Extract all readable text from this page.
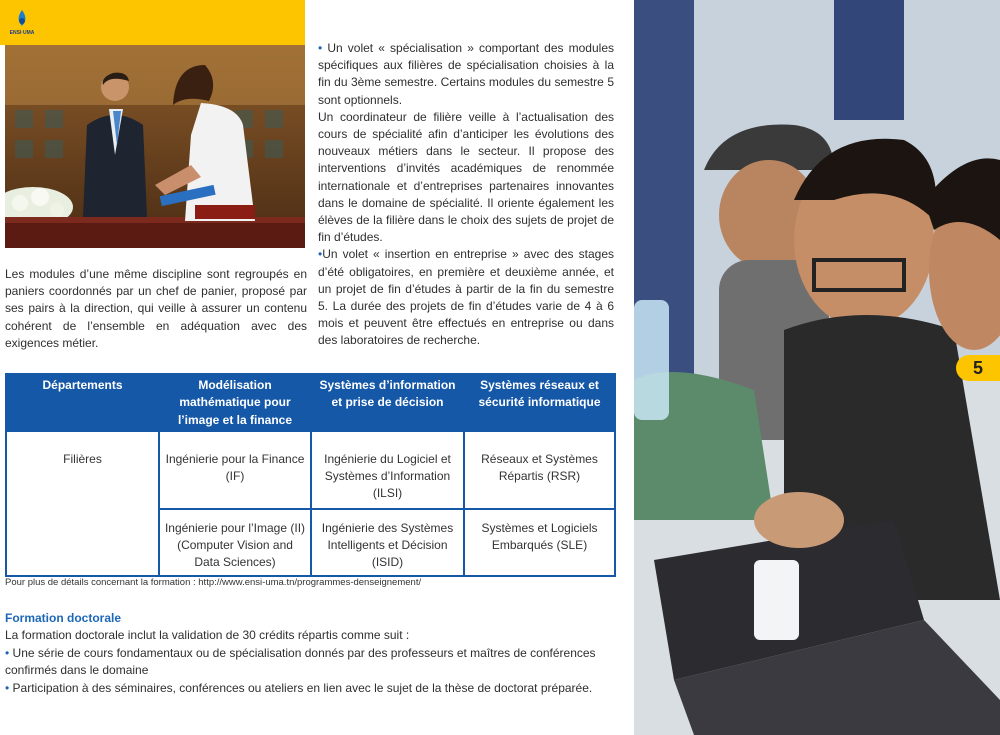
ENSI·UMA

Les modules d’une même discipline sont regroupés en paniers coordonnés par un chef de panier, proposé par ses pairs à la direction, qui veille à assurer un contenu cohérent de l’ensemble en adéquation avec des exigences métier.

• Un volet « spécialisation » comportant des modules spécifiques aux filières de spécialisation choisies à la fin du 3ème semestre. Certains modules du semestre 5 sont optionnels.

Un coordinateur de filière veille à l’actualisation des cours de spécialité afin d’anticiper les évolutions des nouveaux métiers dans le secteur. Il propose des interventions d’invités académiques de renommée internationale et d’entreprises partenaires innovantes dans le domaine de spécialité. Il oriente également les élèves de la filière dans le choix des sujets de projet de fin d’études.

•Un volet « insertion en entreprise » avec des stages d’été obligatoires, en première et deuxième année, et un projet de fin d’études à partir de la fin du semestre 5. La durée des projets de fin d’études varie de 4 à 6 mois et peuvent être effectués en entreprise ou dans des laboratoires de recherche.

Départements	Modélisation mathématique pour l’image et la finance	Systèmes d’information et prise de décision	Systèmes réseaux et sécurité informatique
Filières	Ingénierie pour la Finance (IF)	Ingénierie du Logiciel et Systèmes d’Information (ILSI)	Réseaux et Systèmes Répartis (RSR)
	Ingénierie pour l’Image (II) (Computer Vision and Data Sciences)	Ingénierie des Systèmes Intelligents et Décision (ISID)	Systèmes et Logiciels Embarqués (SLE)
Pour plus de détails concernant la formation : http://www.ensi-uma.tn/programmes-denseignement/
Formation doctorale

La formation doctorale inclut la validation de 30 crédits répartis comme suit :

• Une série de cours fondamentaux ou de spécialisation donnés par des professeurs et maîtres de conférences confirmés dans le domaine

• Participation à des séminaires, conférences ou ateliers en lien avec le sujet de la thèse de doctorat préparée.

5
